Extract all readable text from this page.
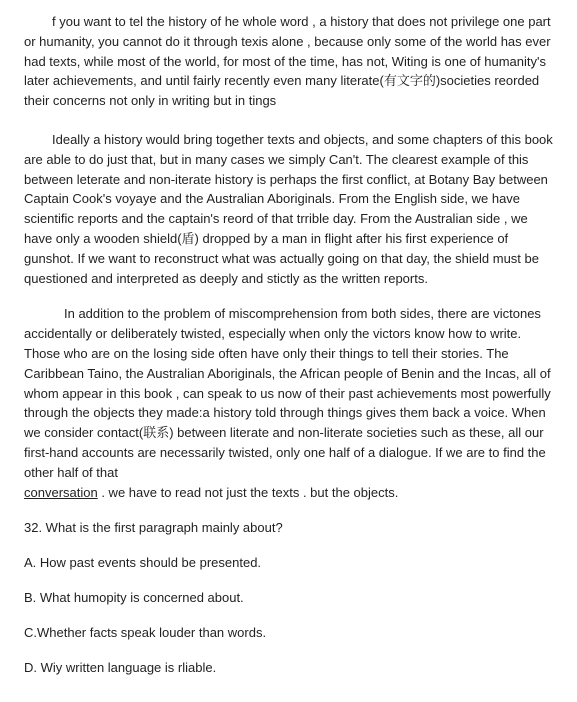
f you want to tel the history of he whole word , a history that does not privilege one part or humanity, you cannot do it through texis alone , because only some of the world has ever had texts, while most of the world, for most of the time, has not, Witing is one of humanity's later achievements, and until fairly recently even many literate(有文字的)societies reorded their concerns not only in writing but in tings

Ideally a history would bring together texts and objects, and some chapters of this book are able to do just that, but in many cases we simply Can't. The clearest example of this between leterate and non-iterate history is perhaps the first conflict, at Botany Bay between Captain Cook's voyaye and the Australian Aboriginals. From the English side, we have scientific reports and the captain's reord of that trrible day. From the Australian side , we have only a wooden shield(盾) dropped by a man in flight after his first experience of gunshot. If we want to reconstruct what was actually going on that day, the shield must be questioned and interpreted as deeply and stictly as the written reports.

In addition to the problem of miscomprehension from both sides, there are victones accidentally or deliberately twisted, especially when only the victors know how to write. Those who are on the losing side often have only their things to tell their stories. The Caribbean Taino, the Australian Aboriginals, the African people of Benin and the Incas, all of whom appear in this book , can speak to us now of their past achievements most powerfully through the objects they made:a history told through things gives them back a voice. When we consider contact(联系) between literate and non-literate societies such as these, all our first-hand accounts are necessarily twisted, only one half of a dialogue. If we are to find the other half of that

conversation . we have to read not just the texts . but the objects.

32. What is the first paragraph mainly about?

A. How past events should be presented.

B. What humopity is concerned about.

C.Whether facts speak louder than words.

D. Wiy written language is rliable.
